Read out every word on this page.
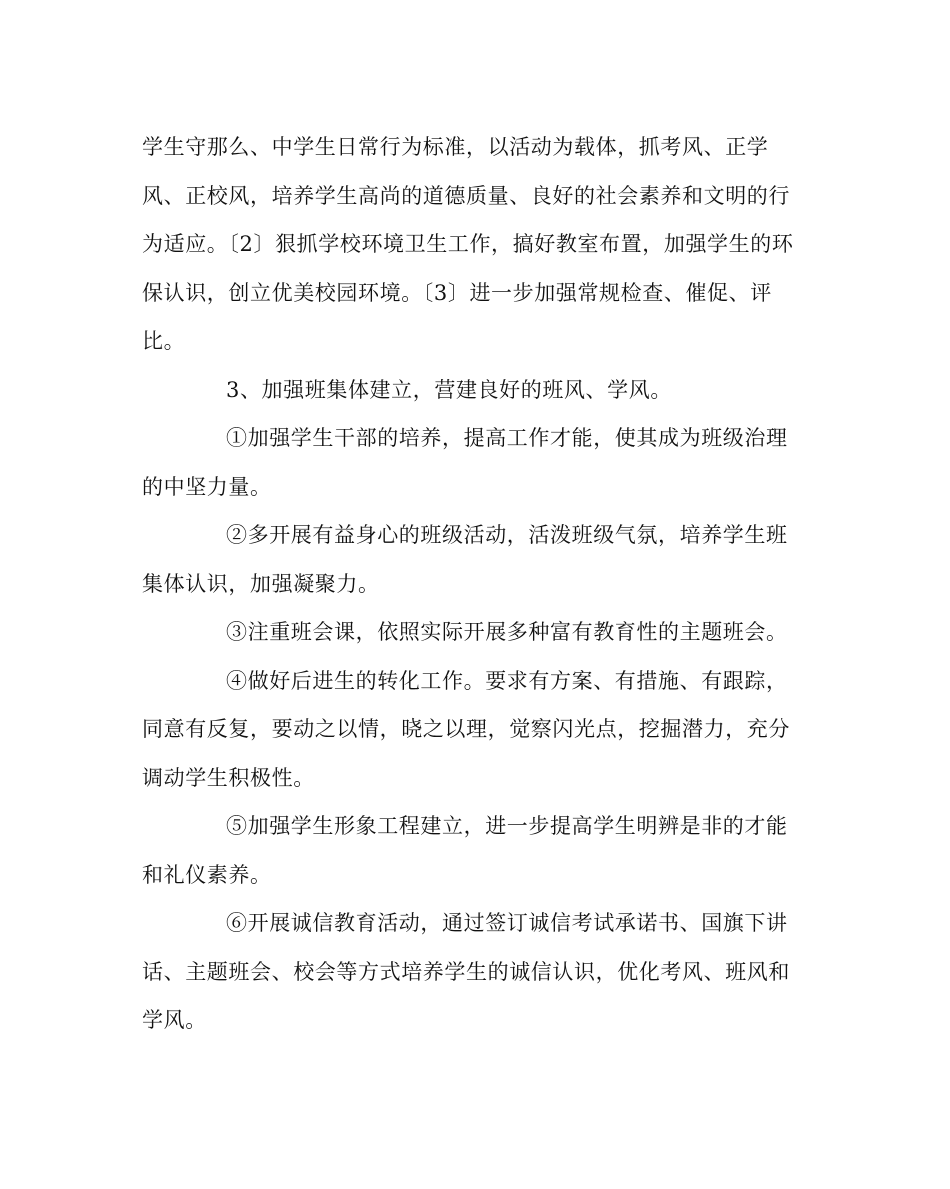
学生守那么、中学生日常行为标准，以活动为载体，抓考风、正学
风、正校风，培养学生高尚的道德质量、良好的社会素养和文明的行
为适应。〔2〕狠抓学校环境卫生工作，搞好教室布置，加强学生的环
保认识，创立优美校园环境。〔3〕进一步加强常规检查、催促、评
比。

3、加强班集体建立，营建良好的班风、学风。

①加强学生干部的培养，提高工作才能，使其成为班级治理
的中坚力量。

②多开展有益身心的班级活动，活泼班级气氛，培养学生班
集体认识，加强凝聚力。

③注重班会课，依照实际开展多种富有教育性的主题班会。

④做好后进生的转化工作。要求有方案、有措施、有跟踪，
同意有反复，要动之以情，晓之以理，觉察闪光点，挖掘潜力，充分
调动学生积极性。

⑤加强学生形象工程建立，进一步提高学生明辨是非的才能
和礼仪素养。

⑥开展诚信教育活动，通过签订诚信考试承诺书、国旗下讲
话、主题班会、校会等方式培养学生的诚信认识，优化考风、班风和
学风。
